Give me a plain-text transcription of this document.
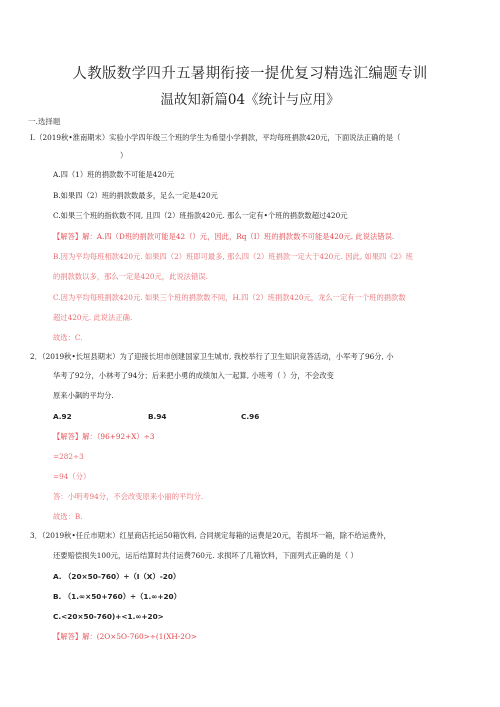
人教版数学四升五暑期衔接一提优复习精选汇编题专训
温故知新篇04《统计与应用》
一.选择题
I.（2019秋•淮南期末）实验小学四年级三个班的学生为希望小学捐款，平均每班捐款420元，下面说法正确的是（
）
A.四（1）班的捐款数不可能是420元
B.如果四（2）班的捐款数最多，足么一定是420元
C.如果三个班的指软数不同, 且四（2）班指款420元. 那么一定有•个班的捐款数超过420元
【解答】解：A.四（D班的捐款可能是42（）元，因此，Rq（I）班的捐款数不可能是420元. 此说法错误.
B.因为平均每班相款420元. 如果四（2）班即可最多, 那么四（2）班捐款一定大于420元. 因此, 如果四《2》班
的捐款数以多，那么一定是420元，此说法错误.
C.因为平均每班捐款420元. 如果三个班的捐款数不同，H.四（2）班捐款420元，龙么一定有一个班的捐款数
超过420元. 此说法正确.
故选：C.
2．（2019秋•长垣县期末）为了迎接长坦市创建国家卫生城市, 我校举行了卫生知识竞答活动，小军考了96分, 小
华考了92分，小林考了94分；后来把小勇的成绩加入一起算, 小班考（ ）分，不会改变
原来小飙的平均分.
A.92	B.94	C.96
【解答】解：（96+92+X）÷3
=282÷3
=94（分）
答：小明考94分，不会改变原来小丽的平均分.
故选：B.
3．（2019秋•任丘市期末）红星商店托运50箱饮料, 合同规定每箱的运费是20元，若损坏一箱，除不给运费外，
还要赔偿损失100元，运后结算时共付运费760元. 求损坏了几箱饮料，下面列式正确的是（ ）
A. （20×50-760）÷（I（X）-20）
B. （1.∞×50+760）÷（1.∞+20）
C.<20×50-760)+<1.∞+20>
【解答】解：(2O×5O-760>÷(1(XH-2O>
